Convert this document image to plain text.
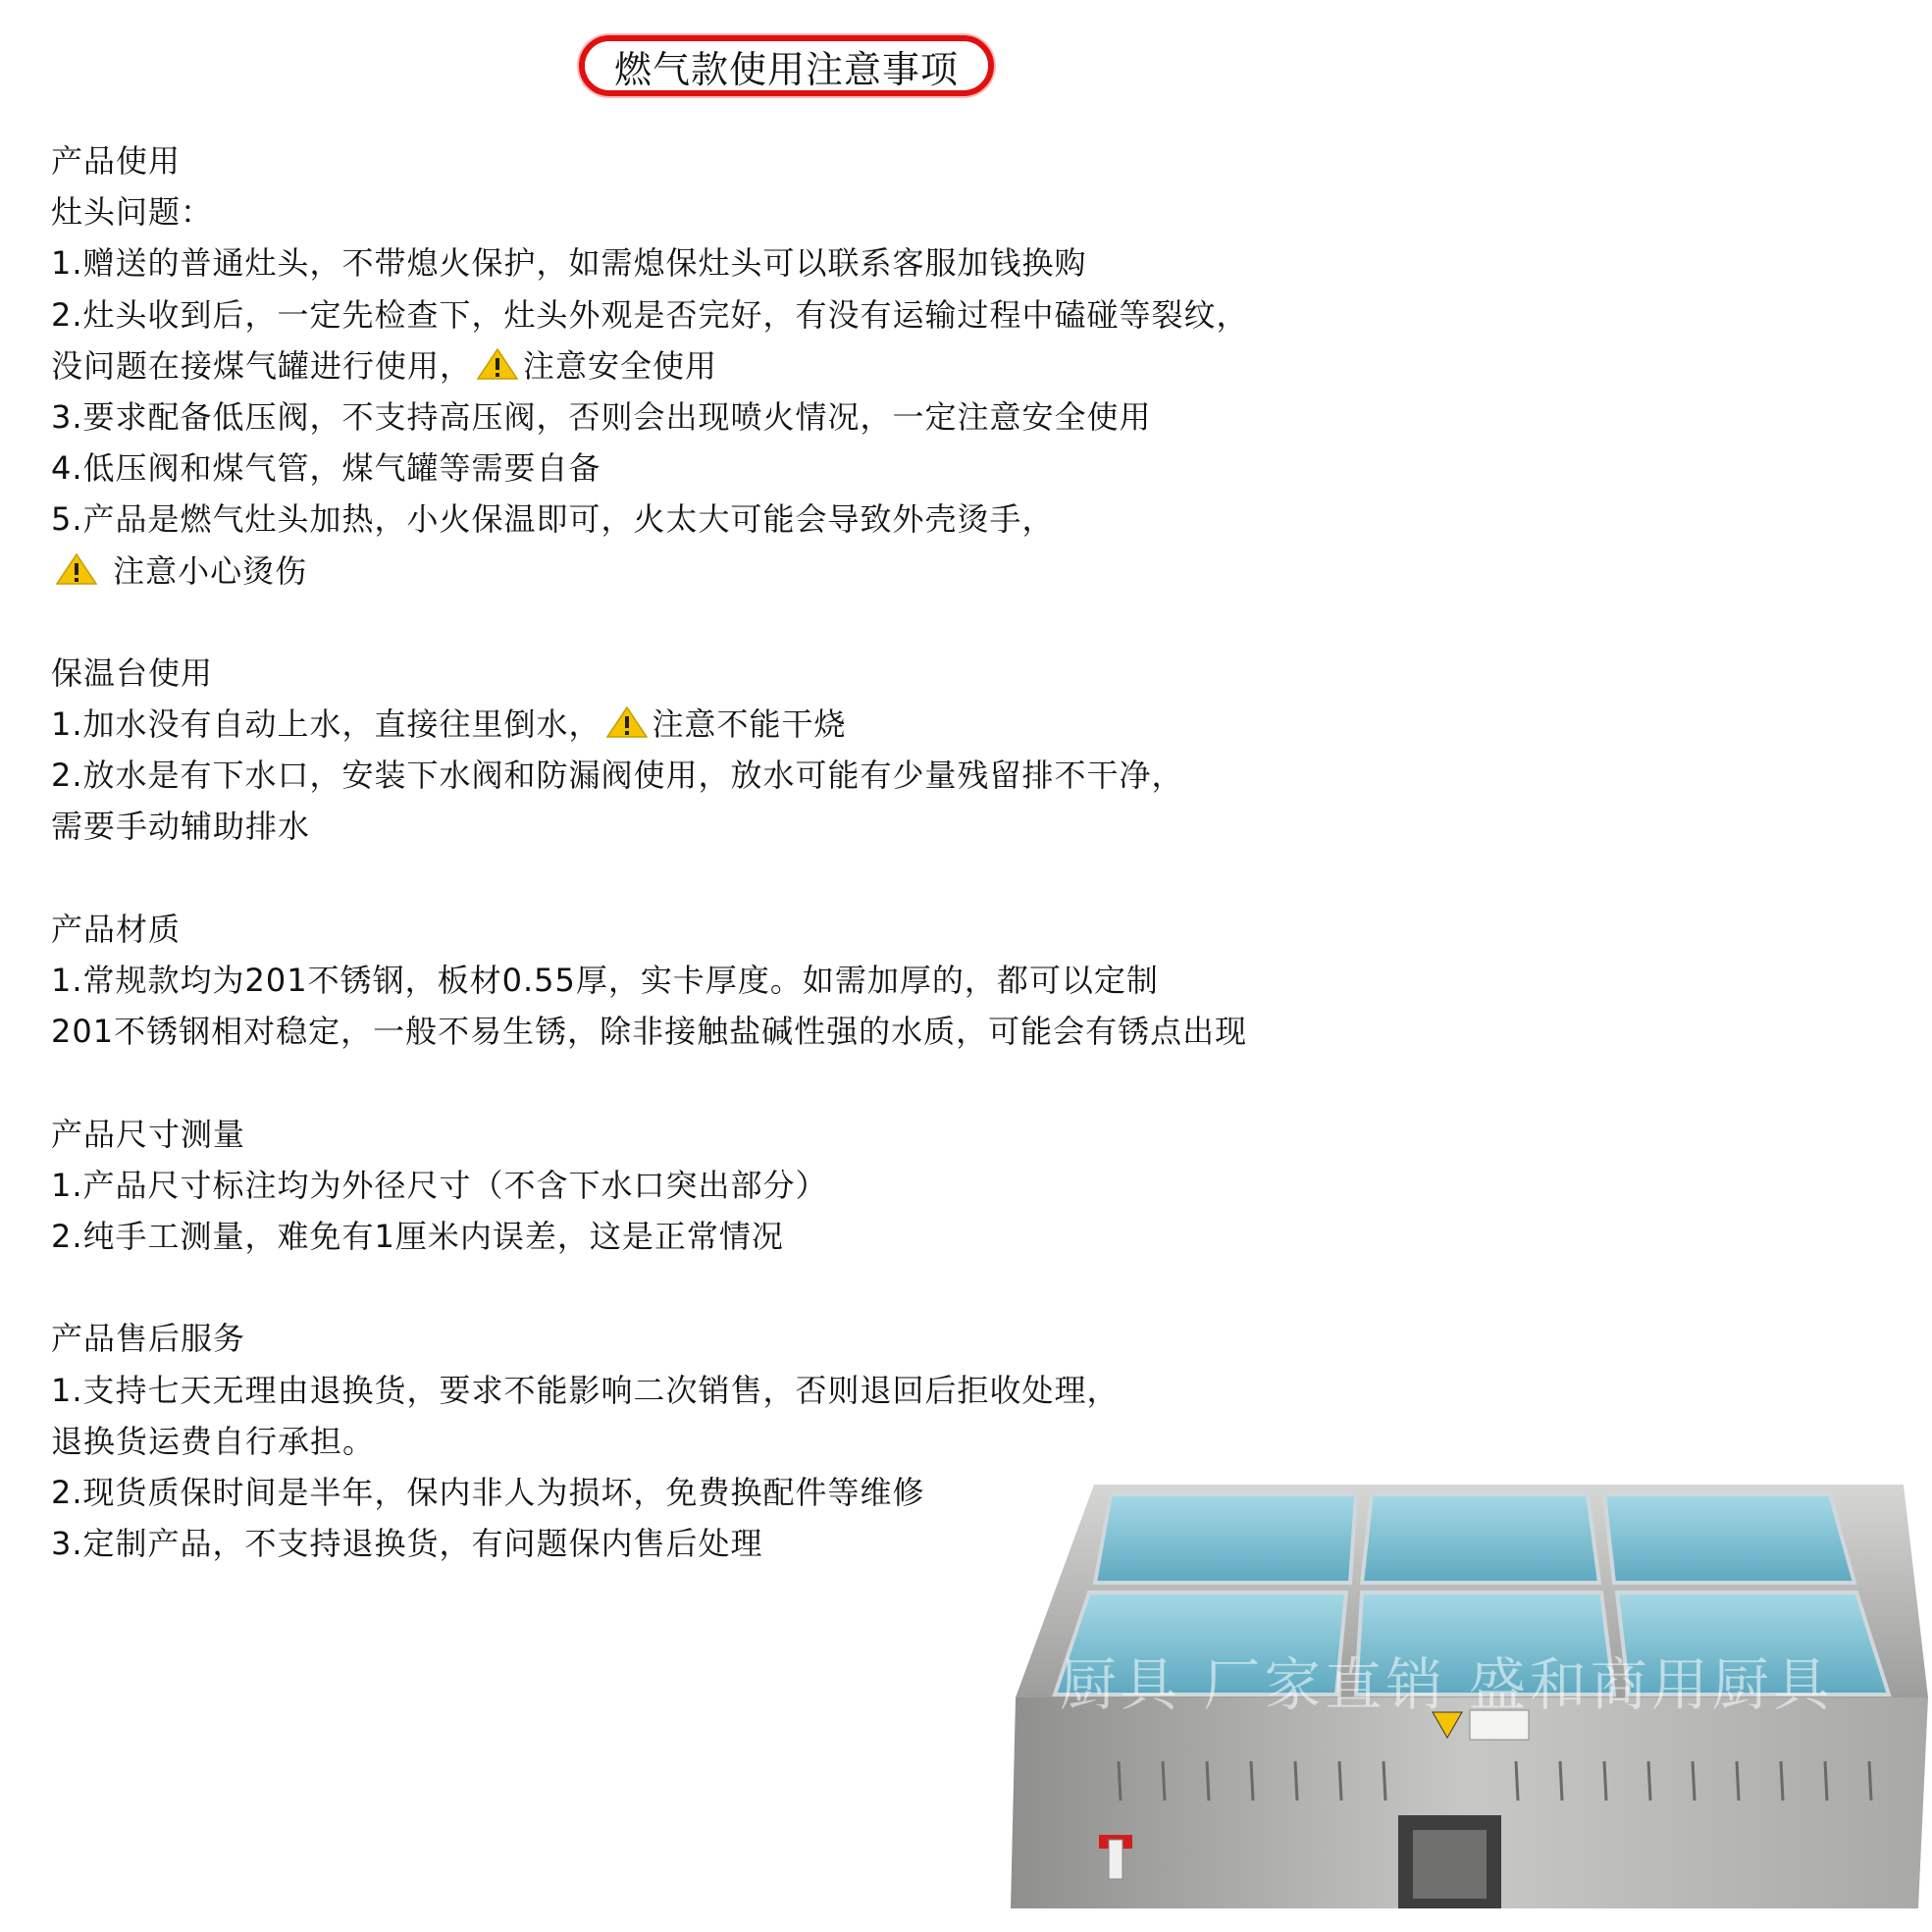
燃气款使用注意事项
产品使用
灶头问题：
1.赠送的普通灶头，不带熄火保护，如需熄保灶头可以联系客服加钱换购
2.灶头收到后，一定先检查下，灶头外观是否完好，有没有运输过程中磕碰等裂纹，
没问题在接煤气罐进行使用， 注意安全使用
3.要求配备低压阀，不支持高压阀，否则会出现喷火情况，一定注意安全使用
4.低压阀和煤气管，煤气罐等需要自备
5.产品是燃气灶头加热，小火保温即可，火太大可能会导致外壳烫手，
注意小心烫伤
保温台使用
1.加水没有自动上水，直接往里倒水， 注意不能干烧
2.放水是有下水口，安装下水阀和防漏阀使用，放水可能有少量残留排不干净，
需要手动辅助排水
产品材质
1.常规款均为201不锈钢，板材0.55厚，实卡厚度。如需加厚的，都可以定制
201不锈钢相对稳定，一般不易生锈，除非接触盐碱性强的水质，可能会有锈点出现
产品尺寸测量
1.产品尺寸标注均为外径尺寸（不含下水口突出部分）
2.纯手工测量，难免有1厘米内误差，这是正常情况
产品售后服务
1.支持七天无理由退换货，要求不能影响二次销售，否则退回后拒收处理，
退换货运费自行承担。
2.现货质保时间是半年，保内非人为损坏，免费换配件等维修
3.定制产品，不支持退换货，有问题保内售后处理
厨具 厂家直销 盛和商用厨具
